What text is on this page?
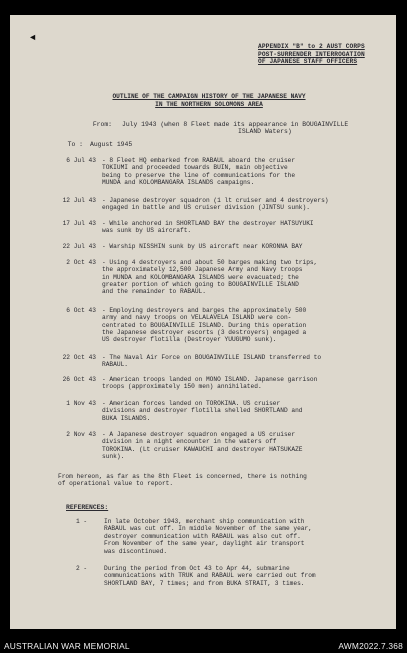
◄
APPENDIX "B" to 2 AUST CORPS
POST-SURRENDER INTERROGATION
OF JAPANESE STAFF OFFICERS
OUTLINE OF THE CAMPAIGN HISTORY OF THE JAPANESE NAVY
IN THE NORTHERN SOLOMONS AREA
From: July 1943 (when 8 Fleet made its appearance in BOUGAINVILLE
ISLAND Waters)
To : August 1945
6 Jul 43 - 8 Fleet HQ embarked from RABAUL aboard the cruiser
TOKIUMI and proceeded towards BUIN, main objective
being to preserve the line of communications for the
MUNDA and KOLOMBANGARA ISLANDS campaigns.
12 Jul 43 - Japanese destroyer squadron (1 lt cruiser and 4 destroyers)
engaged in battle and US cruiser division (JINTSU sunk).
17 Jul 43 - While anchored in SHORTLAND BAY the destroyer HATSUYUKI
was sunk by US aircraft.
22 Jul 43 - Warship NISSHIN sunk by US aircraft near KORONNA BAY
2 Oct 43 - Using 4 destroyers and about 50 barges making two trips,
the approximately 12,500 Japanese Army and Navy troops
in MUNDA and KOLOMBANGARA ISLANDS were evacuated; the
greater portion of which going to BOUGAINVILLE ISLAND
and the remainder to RABAUL.
6 Oct 43 - Employing destroyers and barges the approximately 500
army and navy troops on VELALAVELA ISLAND were con-
centrated to BOUGAINVILLE ISLAND. During this operation
the Japanese destroyer escorts (3 destroyers) engaged a
US destroyer flotilla (Destroyer YUUGUMO sunk).
22 Oct 43 - The Naval Air Force on BOUGAINVILLE ISLAND transferred to
RABAUL.
26 Oct 43 - American troops landed on MONO ISLAND. Japanese garrison
troops (approximately 150 men) annihilated.
1 Nov 43 - American forces landed on TOROKINA. US cruiser
divisions and destroyer flotilla shelled SHORTLAND and
BUKA ISLANDS.
2 Nov 43 - A Japanese destroyer squadron engaged a US cruiser
division in a night encounter in the waters off
TOROKINA. (Lt cruiser KAWAUCHI and destroyer HATSUKAZE
sunk).
From hereon, as far as the 8th Fleet is concerned, there is nothing
of operational value to report.
REFERENCES:
1 -	In late October 1943, merchant ship communication with
RABAUL was cut off. In middle November of the same year,
destroyer communication with RABAUL was also cut off.
From November of the same year, daylight air transport
was discontinued.
2 -	During the period from Oct 43 to Apr 44, submarine
communications with TRUK and RABAUL were carried out from
SHORTLAND BAY, 7 times; and from BUKA STRAIT, 3 times.
AUSTRALIAN WAR MEMORIAL	AWM2022.7.368
